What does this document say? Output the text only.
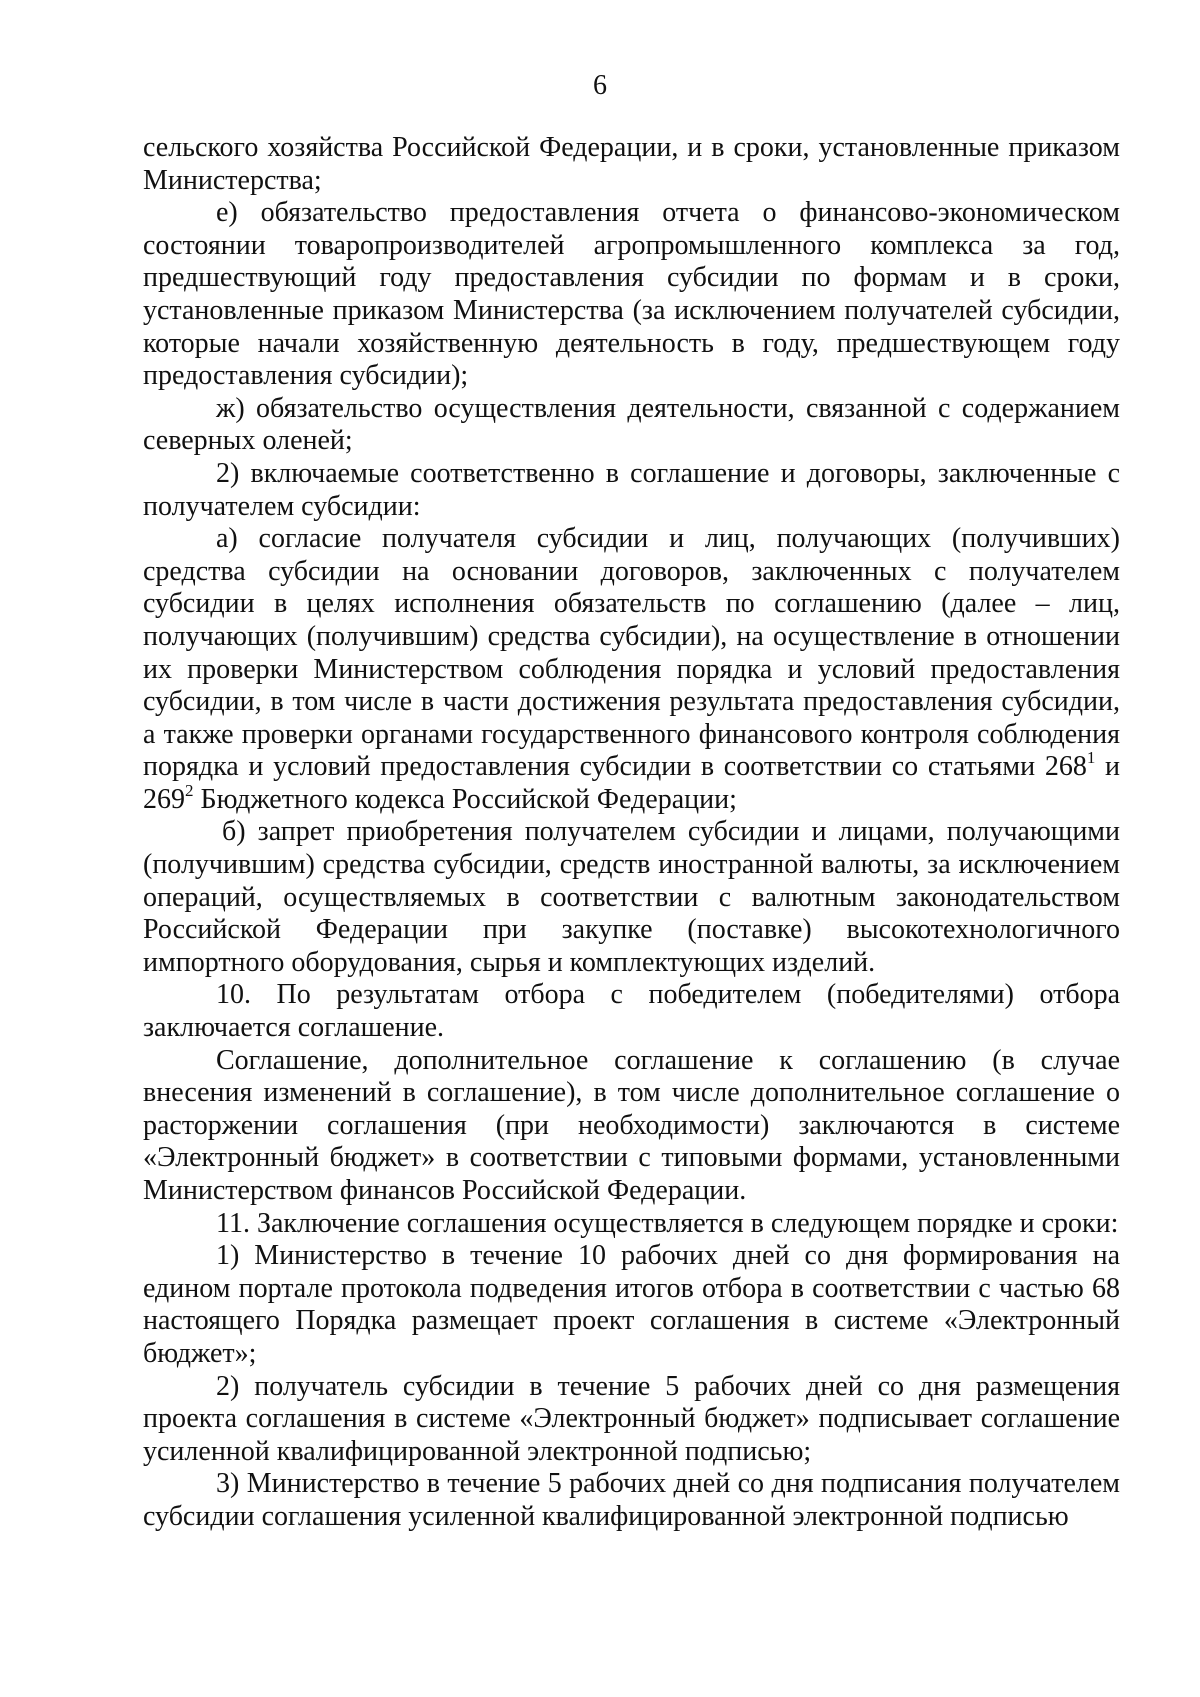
6

сельского хозяйства Российской Федерации, и в сроки, установленные приказом Министерства;

е) обязательство предоставления отчета о финансово-экономическом состоянии товаропроизводителей агропромышленного комплекса за год, предшествующий году предоставления субсидии по формам и в сроки, установленные приказом Министерства (за исключением получателей субсидии, которые начали хозяйственную деятельность в году, предшествующем году предоставления субсидии);

ж) обязательство осуществления деятельности, связанной с содержанием северных оленей;

2) включаемые соответственно в соглашение и договоры, заключенные с получателем субсидии:

а) согласие получателя субсидии и лиц, получающих (получивших) средства субсидии на основании договоров, заключенных с получателем субсидии в целях исполнения обязательств по соглашению (далее – лиц, получающих (получившим) средства субсидии), на осуществление в отношении их проверки Министерством соблюдения порядка и условий предоставления субсидии, в том числе в части достижения результата предоставления субсидии, а также проверки органами государственного финансового контроля соблюдения порядка и условий предоставления субсидии в соответствии со статьями $268^1$ и $269^2$ Бюджетного кодекса Российской Федерации;

б) запрет приобретения получателем субсидии и лицами, получающими (получившим) средства субсидии, средств иностранной валюты, за исключением операций, осуществляемых в соответствии с валютным законодательством Российской Федерации при закупке (поставке) высокотехнологичного импортного оборудования, сырья и комплектующих изделий.

10. По результатам отбора с победителем (победителями) отбора заключается соглашение.

Соглашение, дополнительное соглашение к соглашению (в случае внесения изменений в соглашение), в том числе дополнительное соглашение о расторжении соглашения (при необходимости) заключаются в системе «Электронный бюджет» в соответствии с типовыми формами, установленными Министерством финансов Российской Федерации.

11. Заключение соглашения осуществляется в следующем порядке и сроки:

1) Министерство в течение 10 рабочих дней со дня формирования на едином портале протокола подведения итогов отбора в соответствии с частью 68 настоящего Порядка размещает проект соглашения в системе «Электронный бюджет»;

2) получатель субсидии в течение 5 рабочих дней со дня размещения проекта соглашения в системе «Электронный бюджет» подписывает соглашение усиленной квалифицированной электронной подписью;

3) Министерство в течение 5 рабочих дней со дня подписания получателем субсидии соглашения усиленной квалифицированной электронной подписью
